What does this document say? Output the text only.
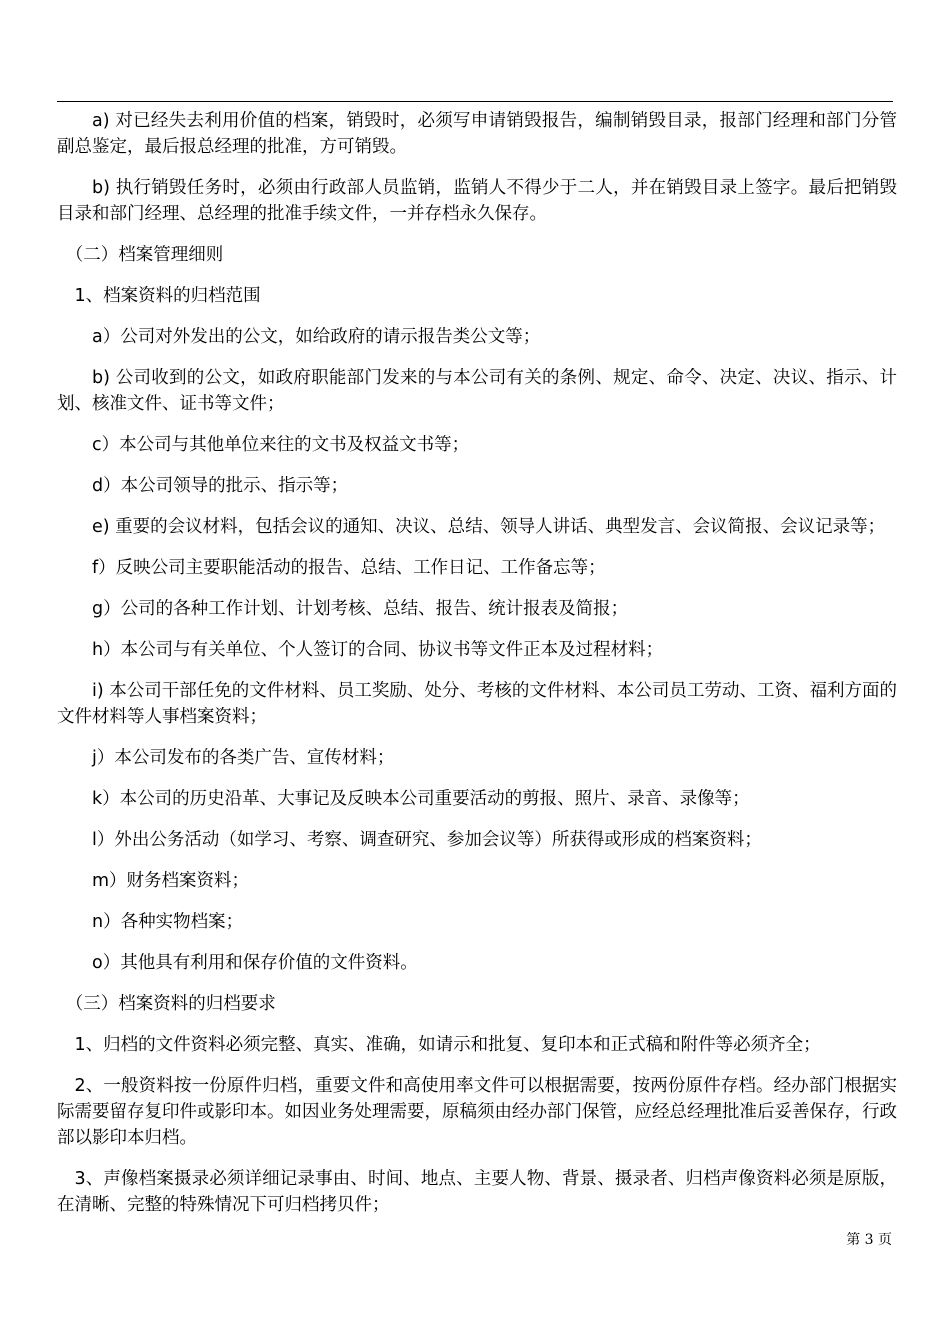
a) 对已经失去利用价值的档案，销毁时，必须写申请销毁报告，编制销毁目录，报部门经理和部门分管副总鉴定，最后报总经理的批准，方可销毁。

b) 执行销毁任务时，必须由行政部人员监销，监销人不得少于二人，并在销毁目录上签字。最后把销毁目录和部门经理、总经理的批准手续文件，一并存档永久保存。

（二）档案管理细则

1、档案资料的归档范围

a）公司对外发出的公文，如给政府的请示报告类公文等；

b) 公司收到的公文，如政府职能部门发来的与本公司有关的条例、规定、命令、决定、决议、指示、计划、核准文件、证书等文件；

c）本公司与其他单位来往的文书及权益文书等；

d）本公司领导的批示、指示等；

e) 重要的会议材料，包括会议的通知、决议、总结、领导人讲话、典型发言、会议简报、会议记录等；

f）反映公司主要职能活动的报告、总结、工作日记、工作备忘等；

g）公司的各种工作计划、计划考核、总结、报告、统计报表及简报；

h）本公司与有关单位、个人签订的合同、协议书等文件正本及过程材料；

i) 本公司干部任免的文件材料、员工奖励、处分、考核的文件材料、本公司员工劳动、工资、福利方面的文件材料等人事档案资料；

j）本公司发布的各类广告、宣传材料；

k）本公司的历史沿革、大事记及反映本公司重要活动的剪报、照片、录音、录像等；

l）外出公务活动（如学习、考察、调查研究、参加会议等）所获得或形成的档案资料；

m）财务档案资料；

n）各种实物档案；

o）其他具有利用和保存价值的文件资料。

（三）档案资料的归档要求

1、归档的文件资料必须完整、真实、准确，如请示和批复、复印本和正式稿和附件等必须齐全；

2、一般资料按一份原件归档，重要文件和高使用率文件可以根据需要，按两份原件存档。经办部门根据实际需要留存复印件或影印本。如因业务处理需要，原稿须由经办部门保管，应经总经理批准后妥善保存，行政部以影印本归档。

3、声像档案摄录必须详细记录事由、时间、地点、主要人物、背景、摄录者、归档声像资料必须是原版，在清晰、完整的特殊情况下可归档拷贝件；

第 3 页
